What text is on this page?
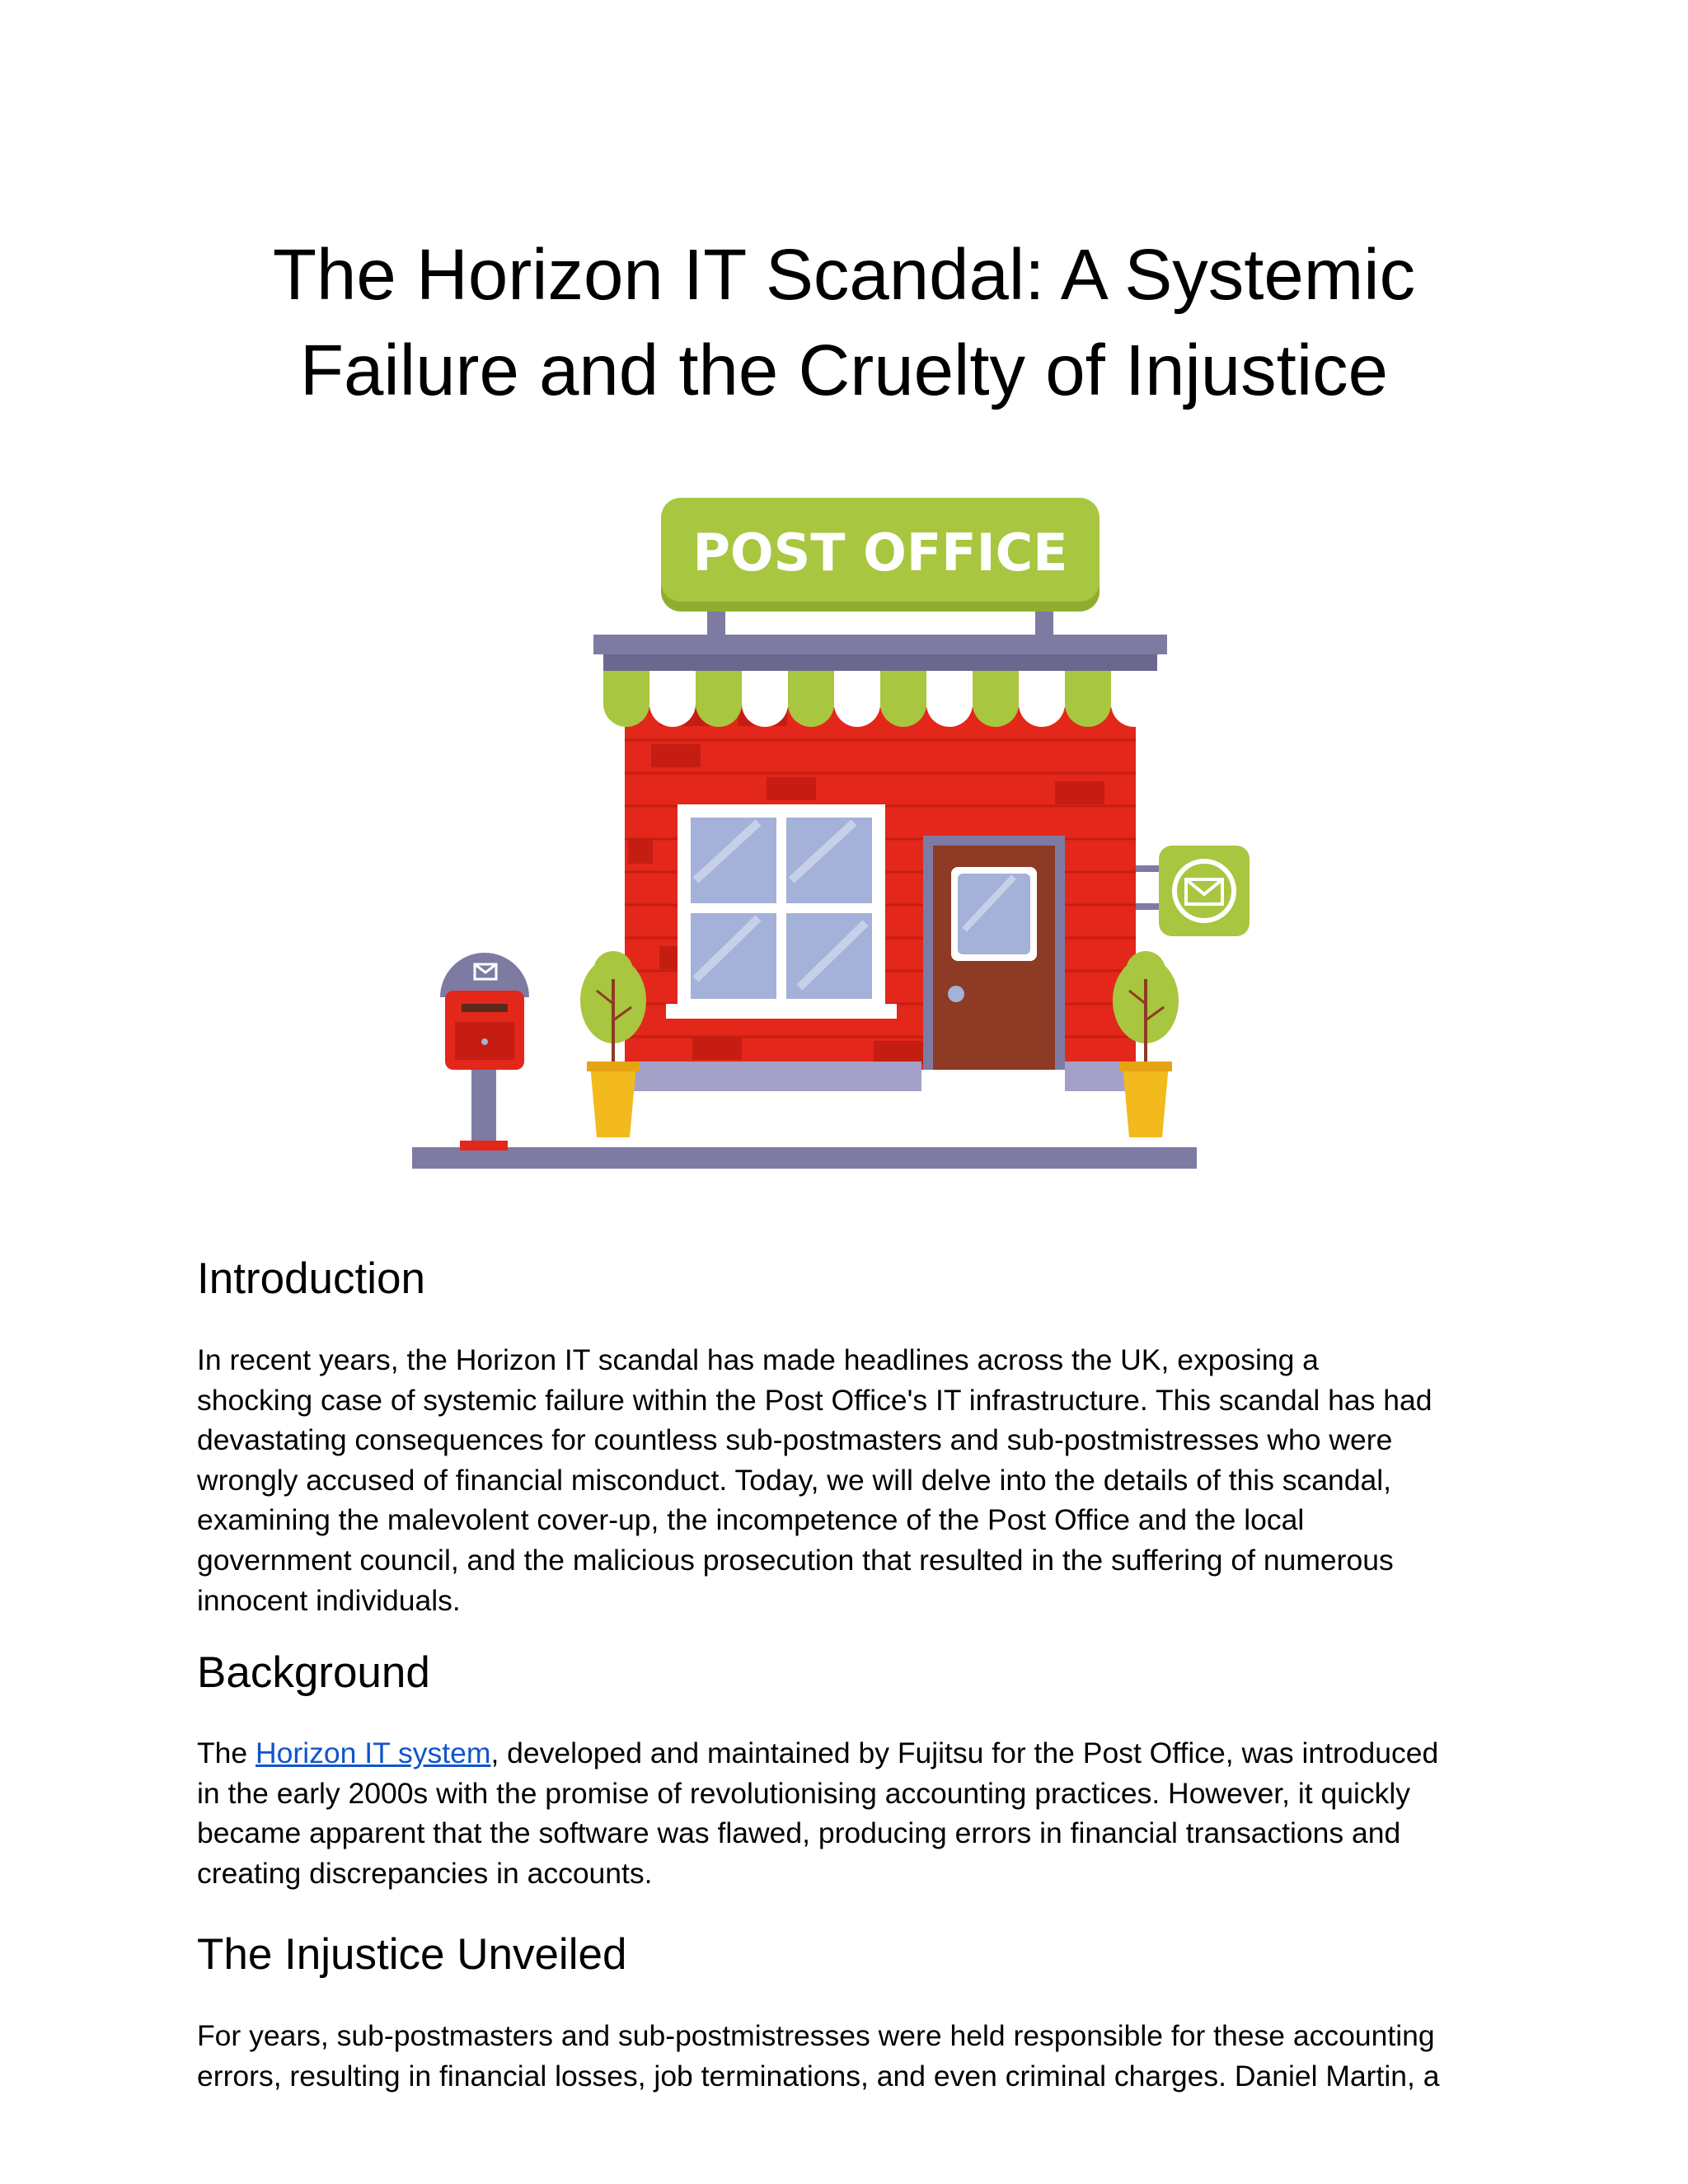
The Horizon IT Scandal: A Systemic
Failure and the Cruelty of Injustice
POST OFFICE
Introduction

In recent years, the Horizon IT scandal has made headlines across the UK, exposing a
shocking case of systemic failure within the Post Office's IT infrastructure. This scandal has had
devastating consequences for countless sub-postmasters and sub-postmistresses who were
wrongly accused of financial misconduct. Today, we will delve into the details of this scandal,
examining the malevolent cover-up, the incompetence of the Post Office and the local
government council, and the malicious prosecution that resulted in the suffering of numerous
innocent individuals.

Background

The Horizon IT system, developed and maintained by Fujitsu for the Post Office, was introduced
in the early 2000s with the promise of revolutionising accounting practices. However, it quickly
became apparent that the software was flawed, producing errors in financial transactions and
creating discrepancies in accounts.

The Injustice Unveiled

For years, sub-postmasters and sub-postmistresses were held responsible for these accounting
errors, resulting in financial losses, job terminations, and even criminal charges. Daniel Martin, a
